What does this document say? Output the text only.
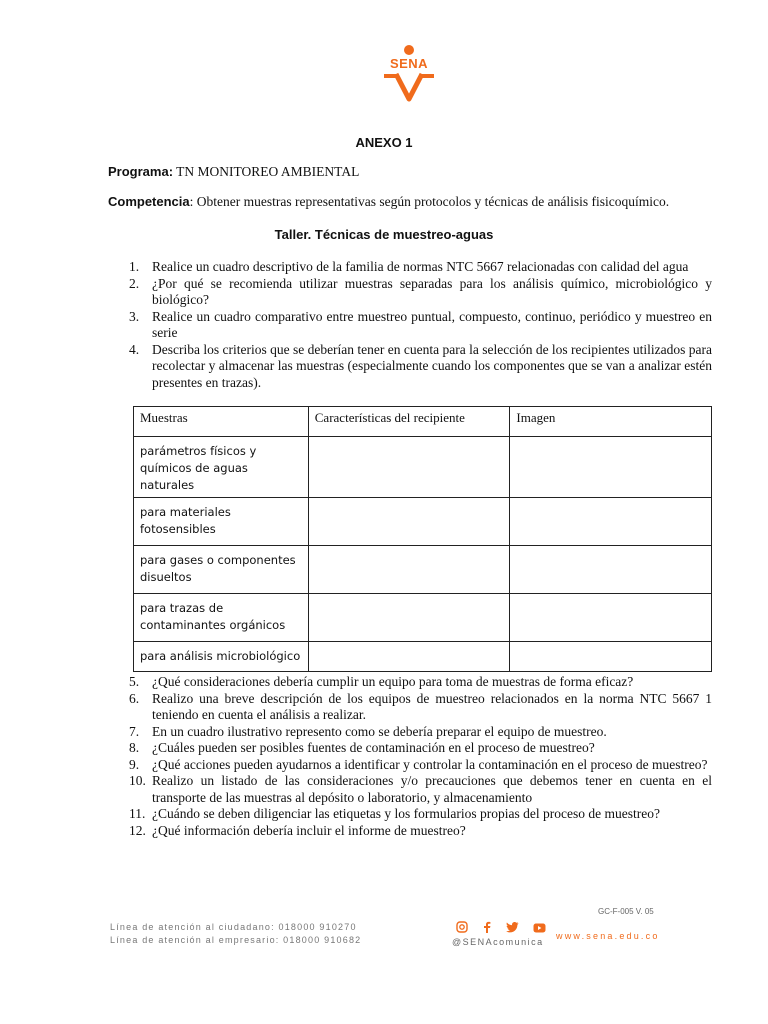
SENA
ANEXO 1
Programa: TN MONITOREO AMBIENTAL
Competencia: Obtener muestras representativas según protocolos y técnicas de análisis fisicoquímico.
Taller. Técnicas de muestreo-aguas
1. Realice un cuadro descriptivo de la familia de normas NTC 5667 relacionadas con calidad del agua
2. ¿Por qué se recomienda utilizar muestras separadas para los análisis químico, microbiológico y biológico?
3. Realice un cuadro comparativo entre muestreo puntual, compuesto, continuo, periódico y muestreo en serie
4. Describa los criterios que se deberían tener en cuenta para la selección de los recipientes utilizados para recolectar y almacenar las muestras (especialmente cuando los componentes que se van a analizar estén presentes en trazas).
Muestras	Características del recipiente	Imagen
parámetros físicos y químicos de aguas naturales		
para materiales fotosensibles		
para gases o componentes disueltos		
para trazas de contaminantes orgánicos		
para análisis microbiológico		
5. ¿Qué consideraciones debería cumplir un equipo para toma de muestras de forma eficaz?
6. Realizo una breve descripción de los equipos de muestreo relacionados en la norma NTC 5667 1 teniendo en cuenta el análisis a realizar.
7. En un cuadro ilustrativo represento como se debería preparar el equipo de muestreo.
8. ¿Cuáles pueden ser posibles fuentes de contaminación en el proceso de muestreo?
9. ¿Qué acciones pueden ayudarnos a identificar y controlar la contaminación en el proceso de muestreo?
10. Realizo un listado de las consideraciones y/o precauciones que debemos tener en cuenta en el transporte de las muestras al depósito o laboratorio, y almacenamiento
11. ¿Cuándo se deben diligenciar las etiquetas y los formularios propias del proceso de muestreo?
12. ¿Qué información debería incluir el informe de muestreo?
Línea de atención al ciudadano: 018000 910270
Línea de atención al empresario: 018000 910682
GC-F-005 V. 05

@SENAcomunica
www.sena.edu.co
